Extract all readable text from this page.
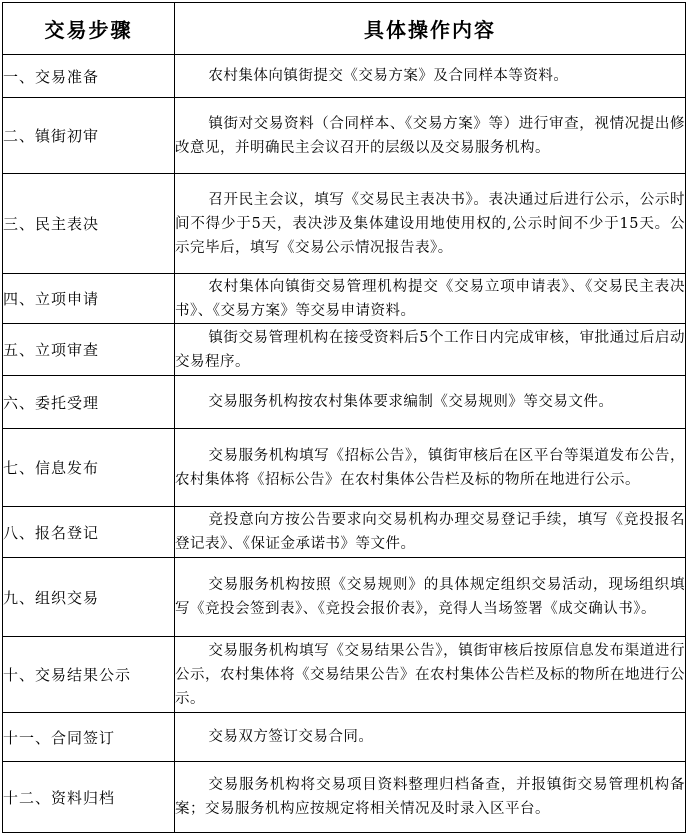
交易步骤	具体操作内容
一、交易准备	农村集体向镇街提交《交易方案》及合同样本等资料。

二、镇街初审	镇街对交易资料（合同样本、《交易方案》等）进行审查，视情况提出修改意见，并明确民主会议召开的层级以及交易服务机构。

三、民主表决	召开民主会议，填写《交易民主表决书》。表决通过后进行公示，公示时间不得少于5天，表决涉及集体建设用地使用权的,公示时间不少于15天。公示完毕后，填写《交易公示情况报告表》。

四、立项申请	农村集体向镇街交易管理机构提交《交易立项申请表》、《交易民主表决书》、《交易方案》等交易申请资料。

五、立项审查	镇街交易管理机构在接受资料后5个工作日内完成审核，审批通过后启动交易程序。

六、委托受理	交易服务机构按农村集体要求编制《交易规则》等交易文件。

七、信息发布	交易服务机构填写《招标公告》，镇街审核后在区平台等渠道发布公告，农村集体将《招标公告》在农村集体公告栏及标的物所在地进行公示。

八、报名登记	竞投意向方按公告要求向交易机构办理交易登记手续，填写《竞投报名登记表》、《保证金承诺书》等文件。

九、组织交易	交易服务机构按照《交易规则》的具体规定组织交易活动，现场组织填写《竞投会签到表》、《竞投会报价表》，竞得人当场签署《成交确认书》。

十、交易结果公示	交易服务机构填写《交易结果公告》，镇街审核后按原信息发布渠道进行公示，农村集体将《交易结果公告》在农村集体公告栏及标的物所在地进行公示。

十一、合同签订	交易双方签订交易合同。

十二、资料归档	交易服务机构将交易项目资料整理归档备查，并报镇街交易管理机构备案；交易服务机构应按规定将相关情况及时录入区平台。
